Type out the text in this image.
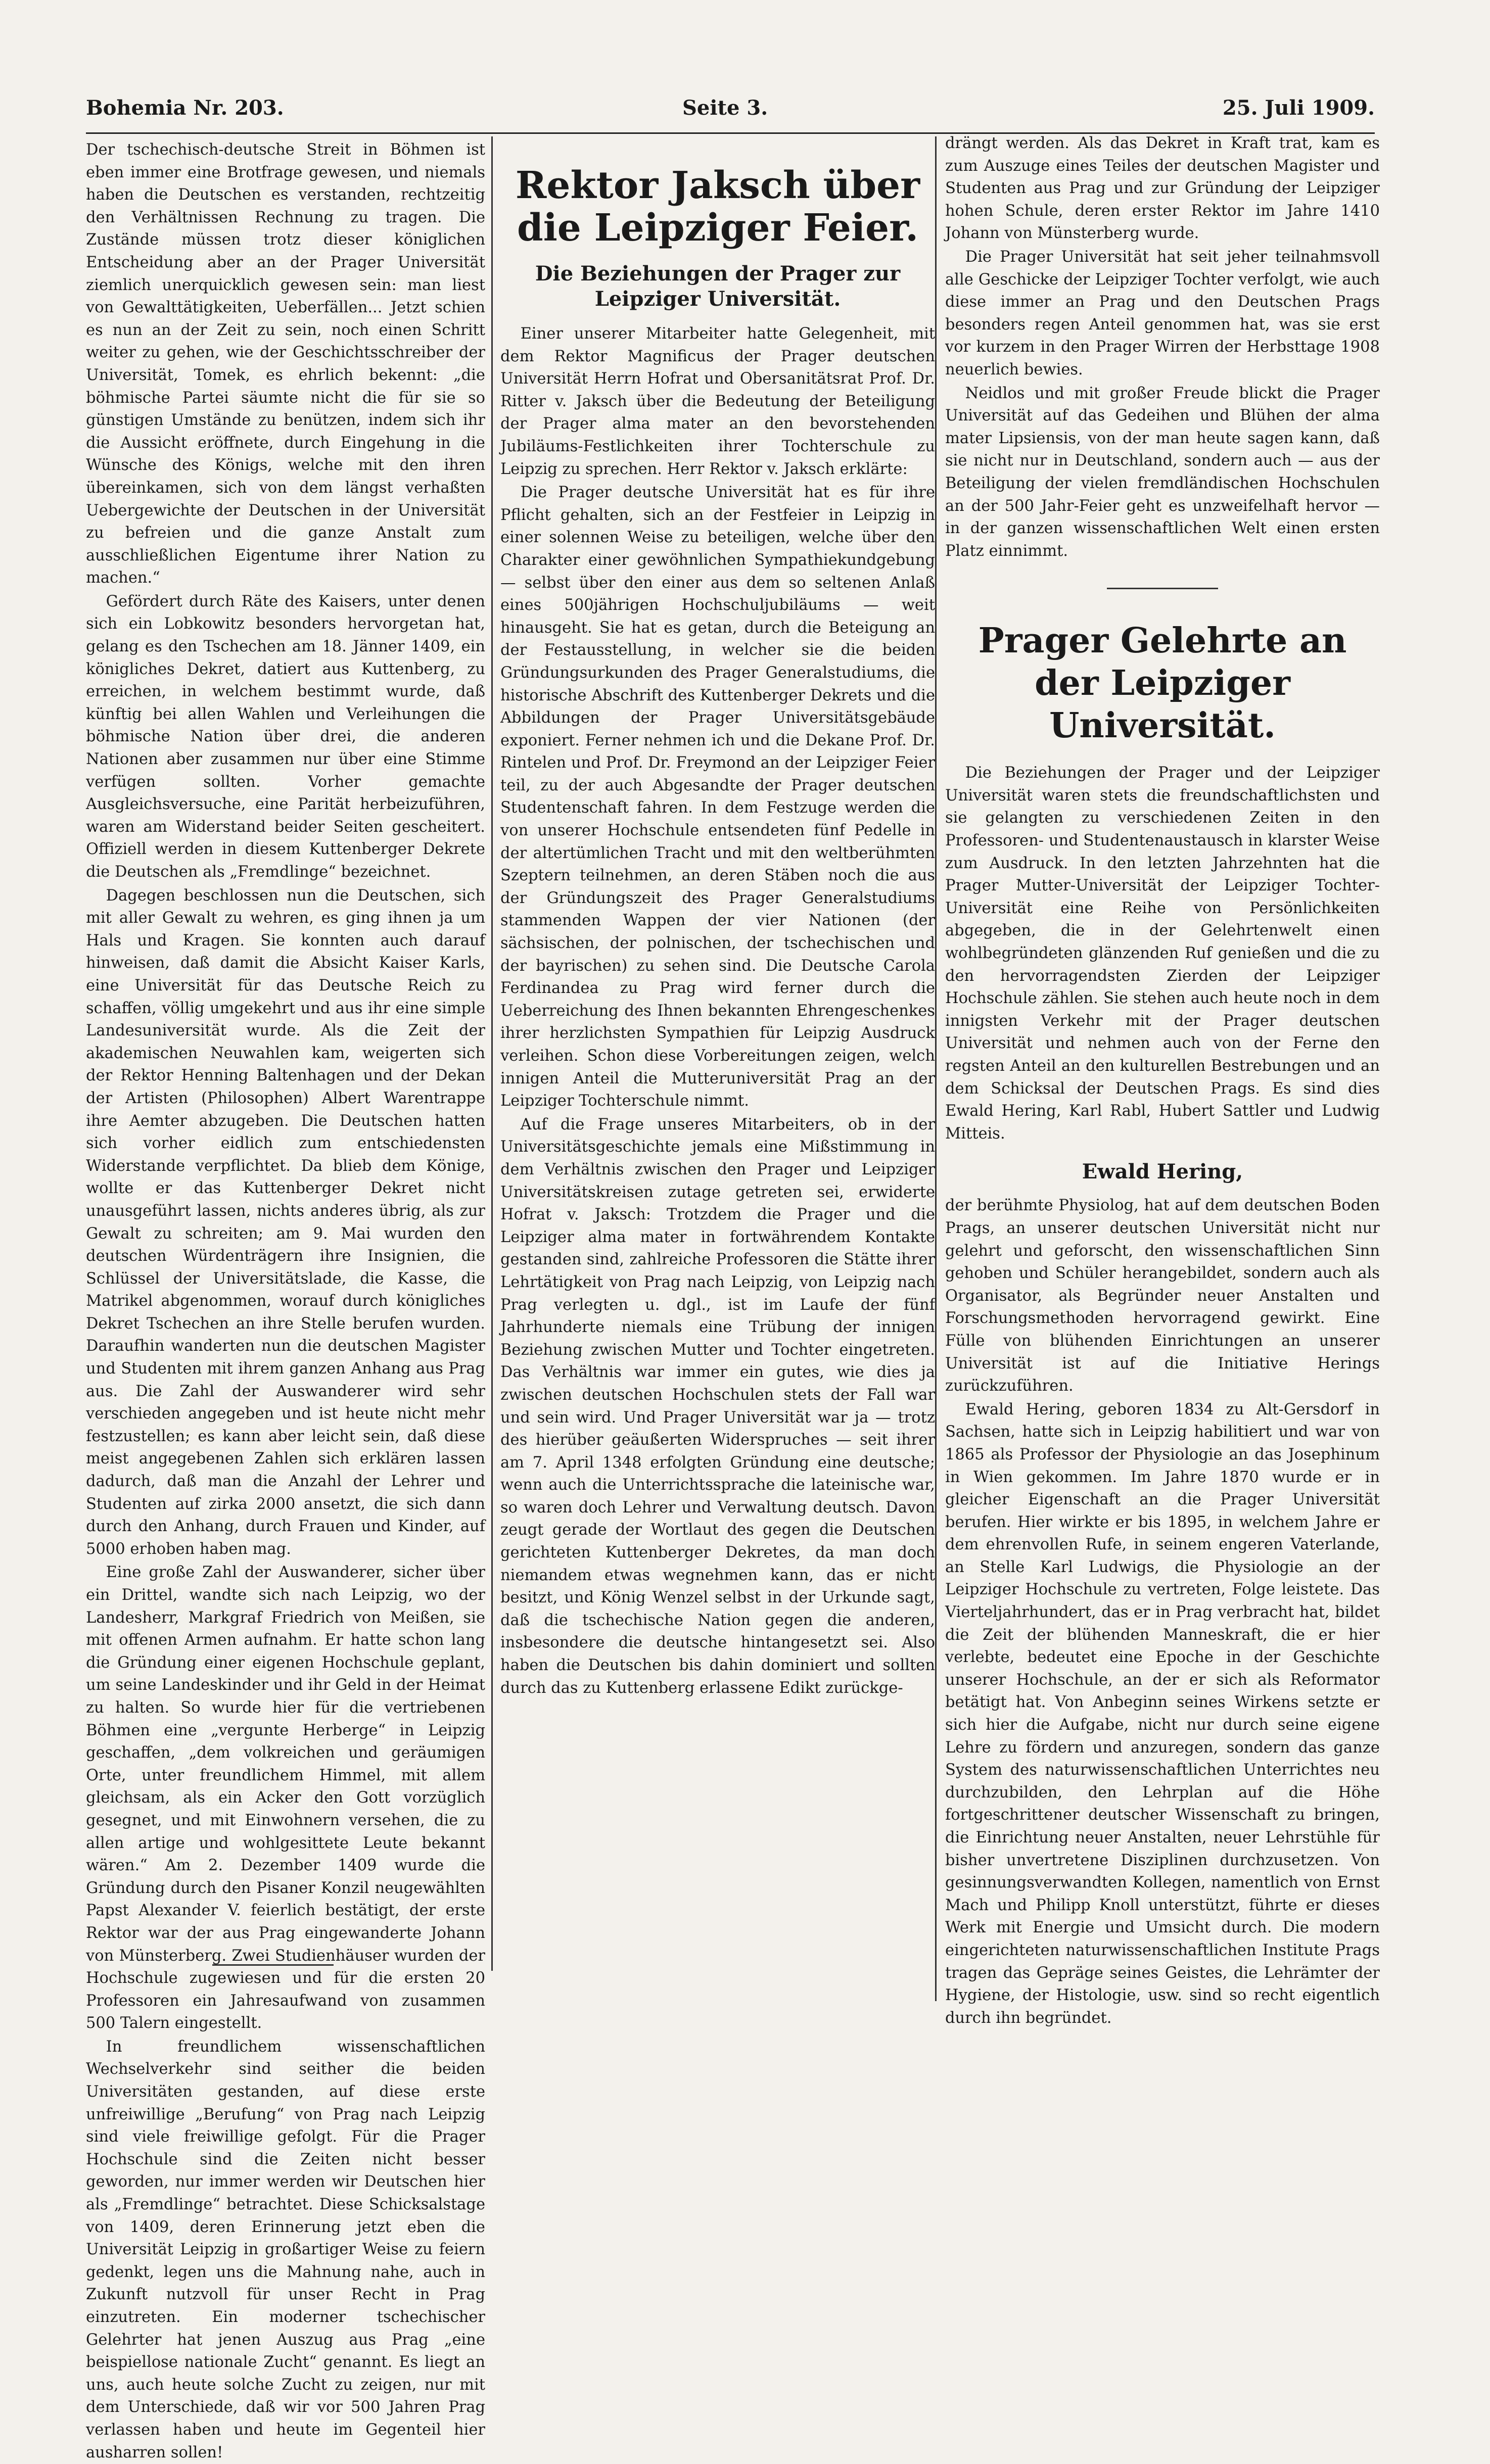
Bohemia Nr. 203.	Seite 3.	25. Juli 1909.

Der tschechisch-deutsche Streit in Böhmen ist eben immer eine Brotfrage gewesen, und niemals haben die Deutschen es verstanden, rechtzeitig den Verhältnissen Rechnung zu tragen. Die Zustände müssen trotz dieser königlichen Entscheidung aber an der Prager Universität ziemlich unerquicklich gewesen sein: man liest von Gewalttätigkeiten, Ueberfällen... Jetzt schien es nun an der Zeit zu sein, noch einen Schritt weiter zu gehen, wie der Geschichtsschreiber der Universität, Tomek, es ehrlich bekennt: „die böhmische Partei säumte nicht die für sie so günstigen Umstände zu benützen, indem sich ihr die Aussicht eröffnete, durch Eingehung in die Wünsche des Königs, welche mit den ihren übereinkamen, sich von dem längst verhaßten Uebergewichte der Deutschen in der Universität zu befreien und die ganze Anstalt zum ausschließlichen Eigentume ihrer Nation zu machen.“

Gefördert durch Räte des Kaisers, unter denen sich ein Lobkowitz besonders hervorgetan hat, gelang es den Tschechen am 18. Jänner 1409, ein königliches Dekret, datiert aus Kuttenberg, zu erreichen, in welchem bestimmt wurde, daß künftig bei allen Wahlen und Verleihungen die böhmische Nation über drei, die anderen Nationen aber zusammen nur über eine Stimme verfügen sollten. Vorher gemachte Ausgleichsversuche, eine Parität herbeizuführen, waren am Widerstand beider Seiten gescheitert. Offiziell werden in diesem Kuttenberger Dekrete die Deutschen als „Fremdlinge“ bezeichnet.

Dagegen beschlossen nun die Deutschen, sich mit aller Gewalt zu wehren, es ging ihnen ja um Hals und Kragen. Sie konnten auch darauf hinweisen, daß damit die Absicht Kaiser Karls, eine Universität für das Deutsche Reich zu schaffen, völlig umgekehrt und aus ihr eine simple Landesuniversität wurde. Als die Zeit der akademischen Neuwahlen kam, weigerten sich der Rektor Henning Baltenhagen und der Dekan der Artisten (Philosophen) Albert Warentrappe ihre Aemter abzugeben. Die Deutschen hatten sich vorher eidlich zum entschiedensten Widerstande verpflichtet. Da blieb dem Könige, wollte er das Kuttenberger Dekret nicht unausgeführt lassen, nichts anderes übrig, als zur Gewalt zu schreiten; am 9. Mai wurden den deutschen Würdenträgern ihre Insignien, die Schlüssel der Universitätslade, die Kasse, die Matrikel abgenommen, worauf durch königliches Dekret Tschechen an ihre Stelle berufen wurden. Daraufhin wanderten nun die deutschen Magister und Studenten mit ihrem ganzen Anhang aus Prag aus. Die Zahl der Auswanderer wird sehr verschieden angegeben und ist heute nicht mehr festzustellen; es kann aber leicht sein, daß diese meist angegebenen Zahlen sich erklären lassen dadurch, daß man die Anzahl der Lehrer und Studenten auf zirka 2000 ansetzt, die sich dann durch den Anhang, durch Frauen und Kinder, auf 5000 erhoben haben mag.

Eine große Zahl der Auswanderer, sicher über ein Drittel, wandte sich nach Leipzig, wo der Landesherr, Markgraf Friedrich von Meißen, sie mit offenen Armen aufnahm. Er hatte schon lang die Gründung einer eigenen Hochschule geplant, um seine Landeskinder und ihr Geld in der Heimat zu halten. So wurde hier für die vertriebenen Böhmen eine „vergunte Herberge“ in Leipzig geschaffen, „dem volkreichen und geräumigen Orte, unter freundlichem Himmel, mit allem gleichsam, als ein Acker den Gott vorzüglich gesegnet, und mit Einwohnern versehen, die zu allen artige und wohlgesittete Leute bekannt wären.“ Am 2. Dezember 1409 wurde die Gründung durch den Pisaner Konzil neugewählten Papst Alexander V. feierlich bestätigt, der erste Rektor war der aus Prag eingewanderte Johann von Münsterberg. Zwei Studienhäuser wurden der Hochschule zugewiesen und für die ersten 20 Professoren ein Jahresaufwand von zusammen 500 Talern eingestellt.

In freundlichem wissenschaftlichen Wechselverkehr sind seither die beiden Universitäten gestanden, auf diese erste unfreiwillige „Berufung“ von Prag nach Leipzig sind viele freiwillige gefolgt. Für die Prager Hochschule sind die Zeiten nicht besser geworden, nur immer werden wir Deutschen hier als „Fremdlinge“ betrachtet. Diese Schicksalstage von 1409, deren Erinnerung jetzt eben die Universität Leipzig in großartiger Weise zu feiern gedenkt, legen uns die Mahnung nahe, auch in Zukunft nutzvoll für unser Recht in Prag einzutreten. Ein moderner tschechischer Gelehrter hat jenen Auszug aus Prag „eine beispiellose nationale Zucht“ genannt. Es liegt an uns, auch heute solche Zucht zu zeigen, nur mit dem Unterschiede, daß wir vor 500 Jahren Prag verlassen haben und heute im Gegenteil hier ausharren sollen!

Rektor Jaksch über die Leipziger Feier.
Die Beziehungen der Prager zur Leipziger Universität.

Einer unserer Mitarbeiter hatte Gelegenheit, mit dem Rektor Magnificus der Prager deutschen Universität Herrn Hofrat und Obersanitätsrat Prof. Dr. Ritter v. Jaksch über die Bedeutung der Beteiligung der Prager alma mater an den bevorstehenden Jubiläums-Festlichkeiten ihrer Tochterschule zu Leipzig zu sprechen. Herr Rektor v. Jaksch erklärte:

Die Prager deutsche Universität hat es für ihre Pflicht gehalten, sich an der Festfeier in Leipzig in einer solennen Weise zu beteiligen, welche über den Charakter einer gewöhnlichen Sympathiekundgebung — selbst über den einer aus dem so seltenen Anlaß eines 500jährigen Hochschuljubiläums — weit hinausgeht. Sie hat es getan, durch die Beteigung an der Festausstellung, in welcher sie die beiden Gründungsurkunden des Prager Generalstudiums, die historische Abschrift des Kuttenberger Dekrets und die Abbildungen der Prager Universitätsgebäude exponiert. Ferner nehmen ich und die Dekane Prof. Dr. Rintelen und Prof. Dr. Freymond an der Leipziger Feier teil, zu der auch Abgesandte der Prager deutschen Studentenschaft fahren. In dem Festzuge werden die von unserer Hochschule entsendeten fünf Pedelle in der altertümlichen Tracht und mit den weltberühmten Szeptern teilnehmen, an deren Stäben noch die aus der Gründungszeit des Prager Generalstudiums stammenden Wappen der vier Nationen (der sächsischen, der polnischen, der tschechischen und der bayrischen) zu sehen sind. Die Deutsche Carola Ferdinandea zu Prag wird ferner durch die Ueberreichung des Ihnen bekannten Ehrengeschenkes ihrer herzlichsten Sympathien für Leipzig Ausdruck verleihen. Schon diese Vorbereitungen zeigen, welch innigen Anteil die Mutteruniversität Prag an der Leipziger Tochterschule nimmt.

Auf die Frage unseres Mitarbeiters, ob in der Universitätsgeschichte jemals eine Mißstimmung in dem Verhältnis zwischen den Prager und Leipziger Universitätskreisen zutage getreten sei, erwiderte Hofrat v. Jaksch: Trotzdem die Prager und die Leipziger alma mater in fortwährendem Kontakte gestanden sind, zahlreiche Professoren die Stätte ihrer Lehrtätigkeit von Prag nach Leipzig, von Leipzig nach Prag verlegten u. dgl., ist im Laufe der fünf Jahrhunderte niemals eine Trübung der innigen Beziehung zwischen Mutter und Tochter eingetreten. Das Verhältnis war immer ein gutes, wie dies ja zwischen deutschen Hochschulen stets der Fall war und sein wird. Und Prager Universität war ja — trotz des hierüber geäußerten Widerspruches — seit ihrer am 7. April 1348 erfolgten Gründung eine deutsche; wenn auch die Unterrichtssprache die lateinische war, so waren doch Lehrer und Verwaltung deutsch. Davon zeugt gerade der Wortlaut des gegen die Deutschen gerichteten Kuttenberger Dekretes, da man doch niemandem etwas wegnehmen kann, das er nicht besitzt, und König Wenzel selbst in der Urkunde sagt, daß die tschechische Nation gegen die anderen, insbesondere die deutsche hintangesetzt sei. Also haben die Deutschen bis dahin dominiert und sollten durch das zu Kuttenberg erlassene Edikt zurückge-

drängt werden. Als das Dekret in Kraft trat, kam es zum Auszuge eines Teiles der deutschen Magister und Studenten aus Prag und zur Gründung der Leipziger hohen Schule, deren erster Rektor im Jahre 1410 Johann von Münsterberg wurde.

Die Prager Universität hat seit jeher teilnahmsvoll alle Geschicke der Leipziger Tochter verfolgt, wie auch diese immer an Prag und den Deutschen Prags besonders regen Anteil genommen hat, was sie erst vor kurzem in den Prager Wirren der Herbsttage 1908 neuerlich bewies.

Neidlos und mit großer Freude blickt die Prager Universität auf das Gedeihen und Blühen der alma mater Lipsiensis, von der man heute sagen kann, daß sie nicht nur in Deutschland, sondern auch — aus der Beteiligung der vielen fremdländischen Hochschulen an der 500 Jahr-Feier geht es unzweifelhaft hervor — in der ganzen wissenschaftlichen Welt einen ersten Platz einnimmt.

Prager Gelehrte an der Leipziger Universität.

Die Beziehungen der Prager und der Leipziger Universität waren stets die freundschaftlichsten und sie gelangten zu verschiedenen Zeiten in den Professoren- und Studentenaustausch in klarster Weise zum Ausdruck. In den letzten Jahrzehnten hat die Prager Mutter-Universität der Leipziger Tochter-Universität eine Reihe von Persönlichkeiten abgegeben, die in der Gelehrtenwelt einen wohlbegründeten glänzenden Ruf genießen und die zu den hervorragendsten Zierden der Leipziger Hochschule zählen. Sie stehen auch heute noch in dem innigsten Verkehr mit der Prager deutschen Universität und nehmen auch von der Ferne den regsten Anteil an den kulturellen Bestrebungen und an dem Schicksal der Deutschen Prags. Es sind dies Ewald Hering, Karl Rabl, Hubert Sattler und Ludwig Mitteis.

Ewald Hering,

der berühmte Physiolog, hat auf dem deutschen Boden Prags, an unserer deutschen Universität nicht nur gelehrt und geforscht, den wissenschaftlichen Sinn gehoben und Schüler herangebildet, sondern auch als Organisator, als Begründer neuer Anstalten und Forschungsmethoden hervorragend gewirkt. Eine Fülle von blühenden Einrichtungen an unserer Universität ist auf die Initiative Herings zurückzuführen.

Ewald Hering, geboren 1834 zu Alt-Gersdorf in Sachsen, hatte sich in Leipzig habilitiert und war von 1865 als Professor der Physiologie an das Josephinum in Wien gekommen. Im Jahre 1870 wurde er in gleicher Eigenschaft an die Prager Universität berufen. Hier wirkte er bis 1895, in welchem Jahre er dem ehrenvollen Rufe, in seinem engeren Vaterlande, an Stelle Karl Ludwigs, die Physiologie an der Leipziger Hochschule zu vertreten, Folge leistete. Das Vierteljahrhundert, das er in Prag verbracht hat, bildet die Zeit der blühenden Manneskraft, die er hier verlebte, bedeutet eine Epoche in der Geschichte unserer Hochschule, an der er sich als Reformator betätigt hat. Von Anbeginn seines Wirkens setzte er sich hier die Aufgabe, nicht nur durch seine eigene Lehre zu fördern und anzuregen, sondern das ganze System des naturwissenschaftlichen Unterrichtes neu durchzubilden, den Lehrplan auf die Höhe fortgeschrittener deutscher Wissenschaft zu bringen, die Einrichtung neuer Anstalten, neuer Lehrstühle für bisher unvertretene Disziplinen durchzusetzen. Von gesinnungsverwandten Kollegen, namentlich von Ernst Mach und Philipp Knoll unterstützt, führte er dieses Werk mit Energie und Umsicht durch. Die modern eingerichteten naturwissenschaftlichen Institute Prags tragen das Gepräge seines Geistes, die Lehrämter der Hygiene, der Histologie, usw. sind so recht eigentlich durch ihn begründet.
